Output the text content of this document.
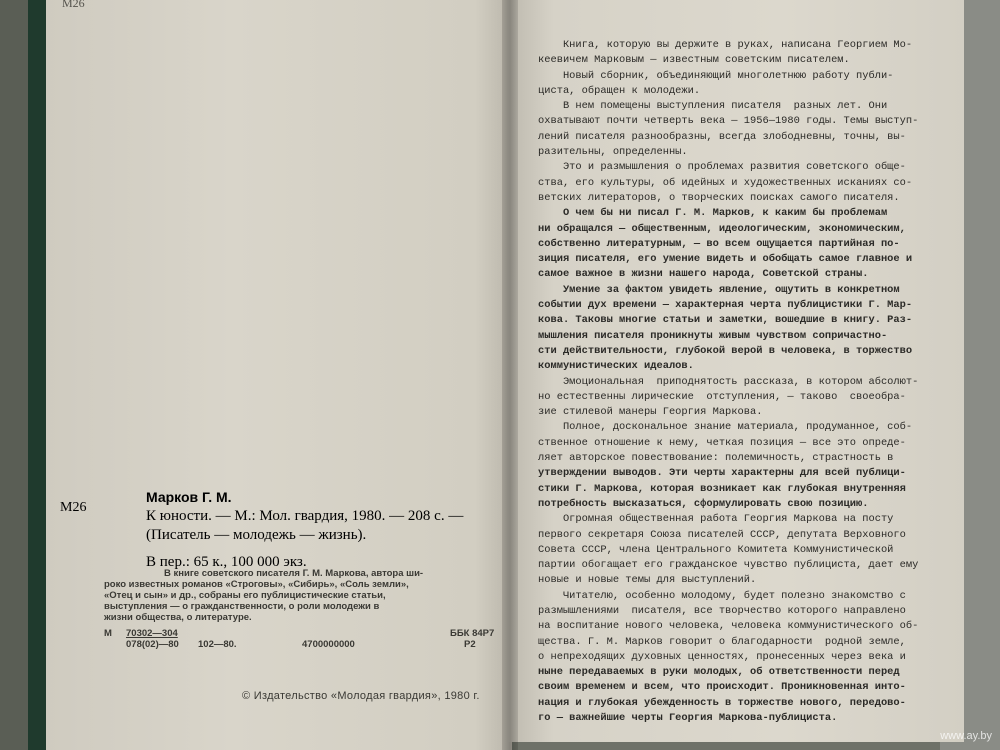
М26
М26
Марков Г. М.
К юности. — М.: Мол. гвардия, 1980. — 208 с. —
(Писатель — молодежь — жизнь).
В пер.: 65 к., 100 000 экз.
В книге советского писателя Г. М. Маркова, автора ши-
роко известных романов «Строговы», «Сибирь», «Соль земли»,
«Отец и сын» и др., собраны его публицистические статьи,
выступления — о гражданственности, о роли молодежи в
жизни общества, о литературе.
М 70302—304	ББК 84Р7
078(02)—80 102—80.	4700000000	Р2
© Издательство «Молодая гвардия», 1980 г.
Книга, которую вы держите в руках, написана Георгием Мо-
кеевичем Марковым — известным советским писателем.
Новый сборник, объединяющий многолетнюю работу публи-
циста, обращен к молодежи.
В нем помещены выступления писателя  разных лет. Они
охватывают почти четверть века — 1956—1980 годы. Темы выступ-
лений писателя разнообразны, всегда злободневны, точны, вы-
разительны, определенны.
Это и размышления о проблемах развития советского обще-
ства, его культуры, об идейных и художественных исканиях со-
ветских литераторов, о творческих поисках самого писателя.
О чем бы ни писал Г. М. Марков, к каким бы проблемам
ни обращался — общественным, идеологическим, экономическим,
собственно литературным, — во всем ощущается партийная по-
зиция писателя, его умение видеть и обобщать самое главное и
самое важное в жизни нашего народа, Советской страны.
Умение за фактом увидеть явление, ощутить в конкретном
событии дух времени — характерная черта публицистики Г. Мар-
кова. Таковы многие статьи и заметки, вошедшие в книгу. Раз-
мышления писателя проникнуты живым чувством сопричастно-
сти действительности, глубокой верой в человека, в торжество
коммунистических идеалов.
Эмоциональная  приподнятость рассказа, в котором абсолют-
но естественны лирические  отступления, — таково  своеобра-
зие стилевой манеры Георгия Маркова.
Полное, доскональное знание материала, продуманное, соб-
ственное отношение к нему, четкая позиция — все это опреде-
ляет авторское повествование: полемичность, страстность в
утверждении выводов. Эти черты характерны для всей публици-
стики Г. Маркова, которая возникает как глубокая внутренняя
потребность высказаться, сформулировать свою позицию.
Огромная общественная работа Георгия Маркова на посту
первого секретаря Союза писателей СССР, депутата Верховного
Совета СССР, члена Центрального Комитета Коммунистической
партии обогащает его гражданское чувство публициста, дает ему
новые и новые темы для выступлений.
Читателю, особенно молодому, будет полезно знакомство с
размышлениями  писателя, все творчество которого направлено
на воспитание нового человека, человека коммунистического об-
щества. Г. М. Марков говорит о благодарности  родной земле,
о непреходящих духовных ценностях, пронесенных через века и
ныне передаваемых в руки молодых, об ответственности перед
своим временем и всем, что происходит. Проникновенная инто-
нация и глубокая убежденность в торжестве нового, передово-
го — важнейшие черты Георгия Маркова-публициста.
www.ay.by
